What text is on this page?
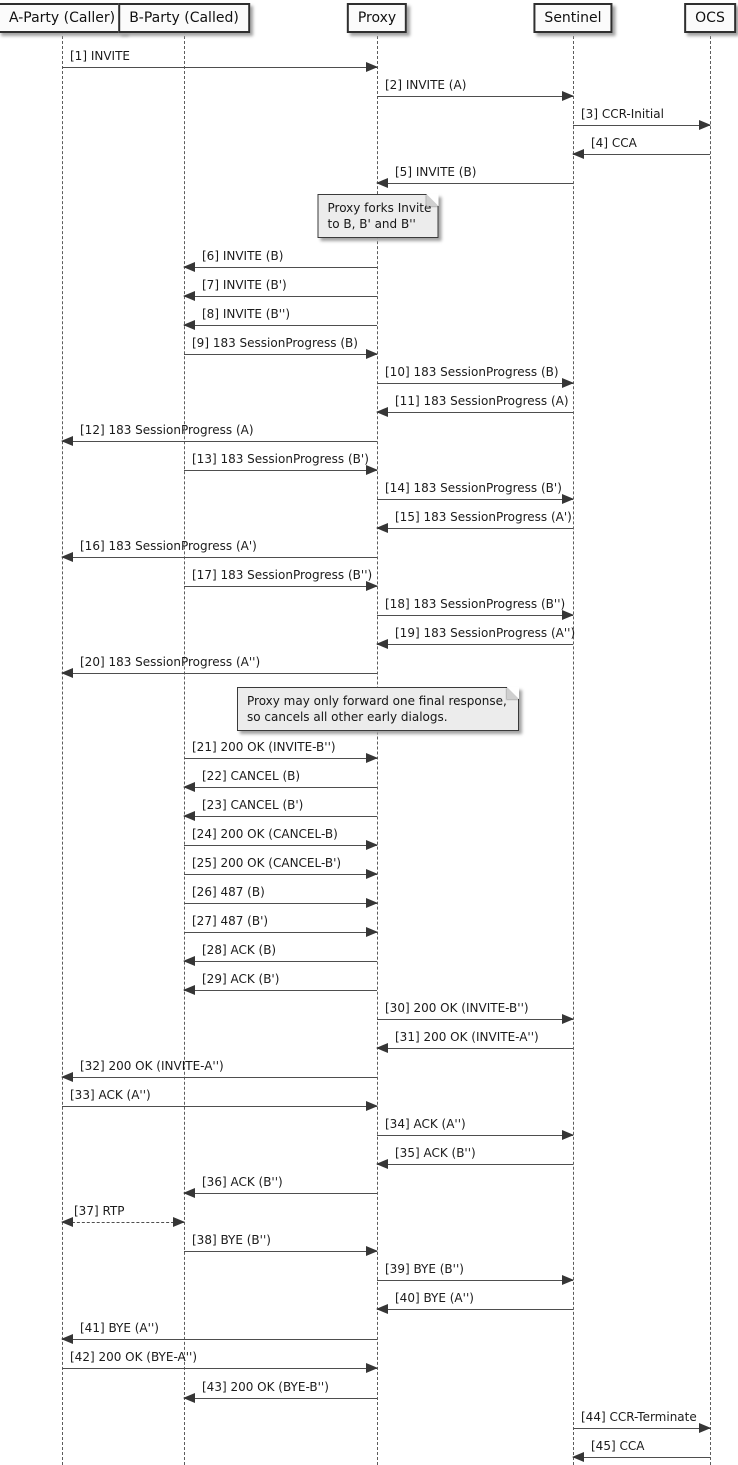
A-Party (Caller)	B-Party (Called)	Proxy	Sentinel	OCS
[1] INVITE
[2] INVITE (A)
[3] CCR-Initial
[4] CCA
[5] INVITE (B)
[6] INVITE (B)
[7] INVITE (B')
[8] INVITE (B'')
[9] 183 SessionProgress (B)
[10] 183 SessionProgress (B)
[11] 183 SessionProgress (A)
[12] 183 SessionProgress (A)
[13] 183 SessionProgress (B')
[14] 183 SessionProgress (B')
[15] 183 SessionProgress (A')
[16] 183 SessionProgress (A')
[17] 183 SessionProgress (B'')
[18] 183 SessionProgress (B'')
[19] 183 SessionProgress (A'')
[20] 183 SessionProgress (A'')
[21] 200 OK (INVITE-B'')
[22] CANCEL (B)
[23] CANCEL (B')
[24] 200 OK (CANCEL-B)
[25] 200 OK (CANCEL-B')
[26] 487 (B)
[27] 487 (B')
[28] ACK (B)
[29] ACK (B')
[30] 200 OK (INVITE-B'')
[31] 200 OK (INVITE-A'')
[32] 200 OK (INVITE-A'')
[33] ACK (A'')
[34] ACK (A'')
[35] ACK (B'')
[36] ACK (B'')
[37] RTP
[38] BYE (B'')
[39] BYE (B'')
[40] BYE (A'')
[41] BYE (A'')
[42] 200 OK (BYE-A'')
[43] 200 OK (BYE-B'')
[44] CCR-Terminate
[45] CCA
Proxy forks Invite
to B, B' and B''
Proxy may only forward one final response,
so cancels all other early dialogs.
